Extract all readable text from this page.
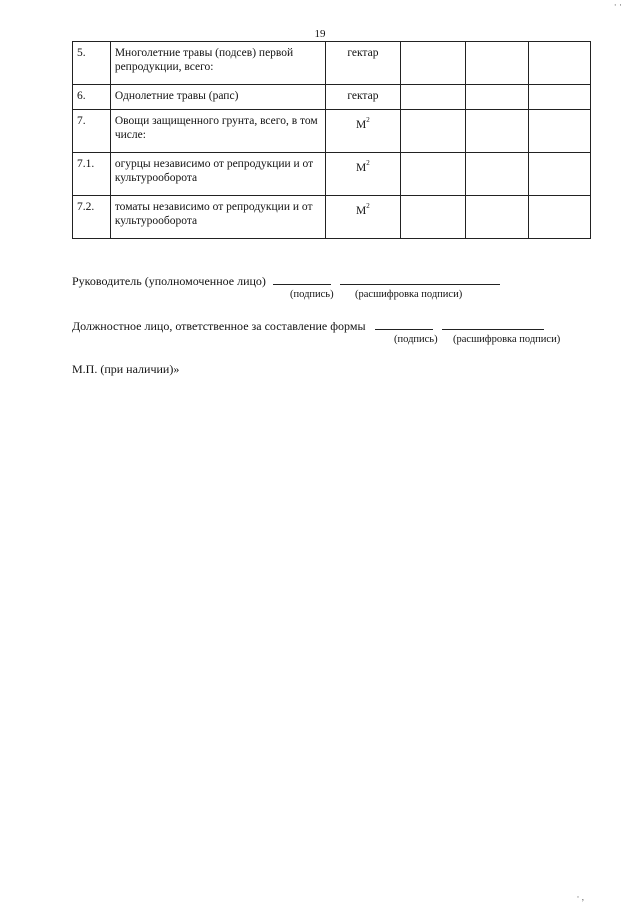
19
5.	Многолетние травы (подсев) первой репродукции, всего:	гектар			
6.	Однолетние травы (рапс)	гектар			
7.	Овощи защищенного грунта, всего, в том числе:	$М^2$			
7.1.	огурцы независимо от репродукции и от культурооборота	$М^2$			
7.2.	томаты независимо от репродукции и от культурооборота	$М^2$			
Руководитель (уполномоченное лицо)
(подпись) (расшифровка подписи)
Должностное лицо, ответственное за составление формы
(подпись) (расшифровка подписи)
М.П. (при наличии)»
· ·
· ,
